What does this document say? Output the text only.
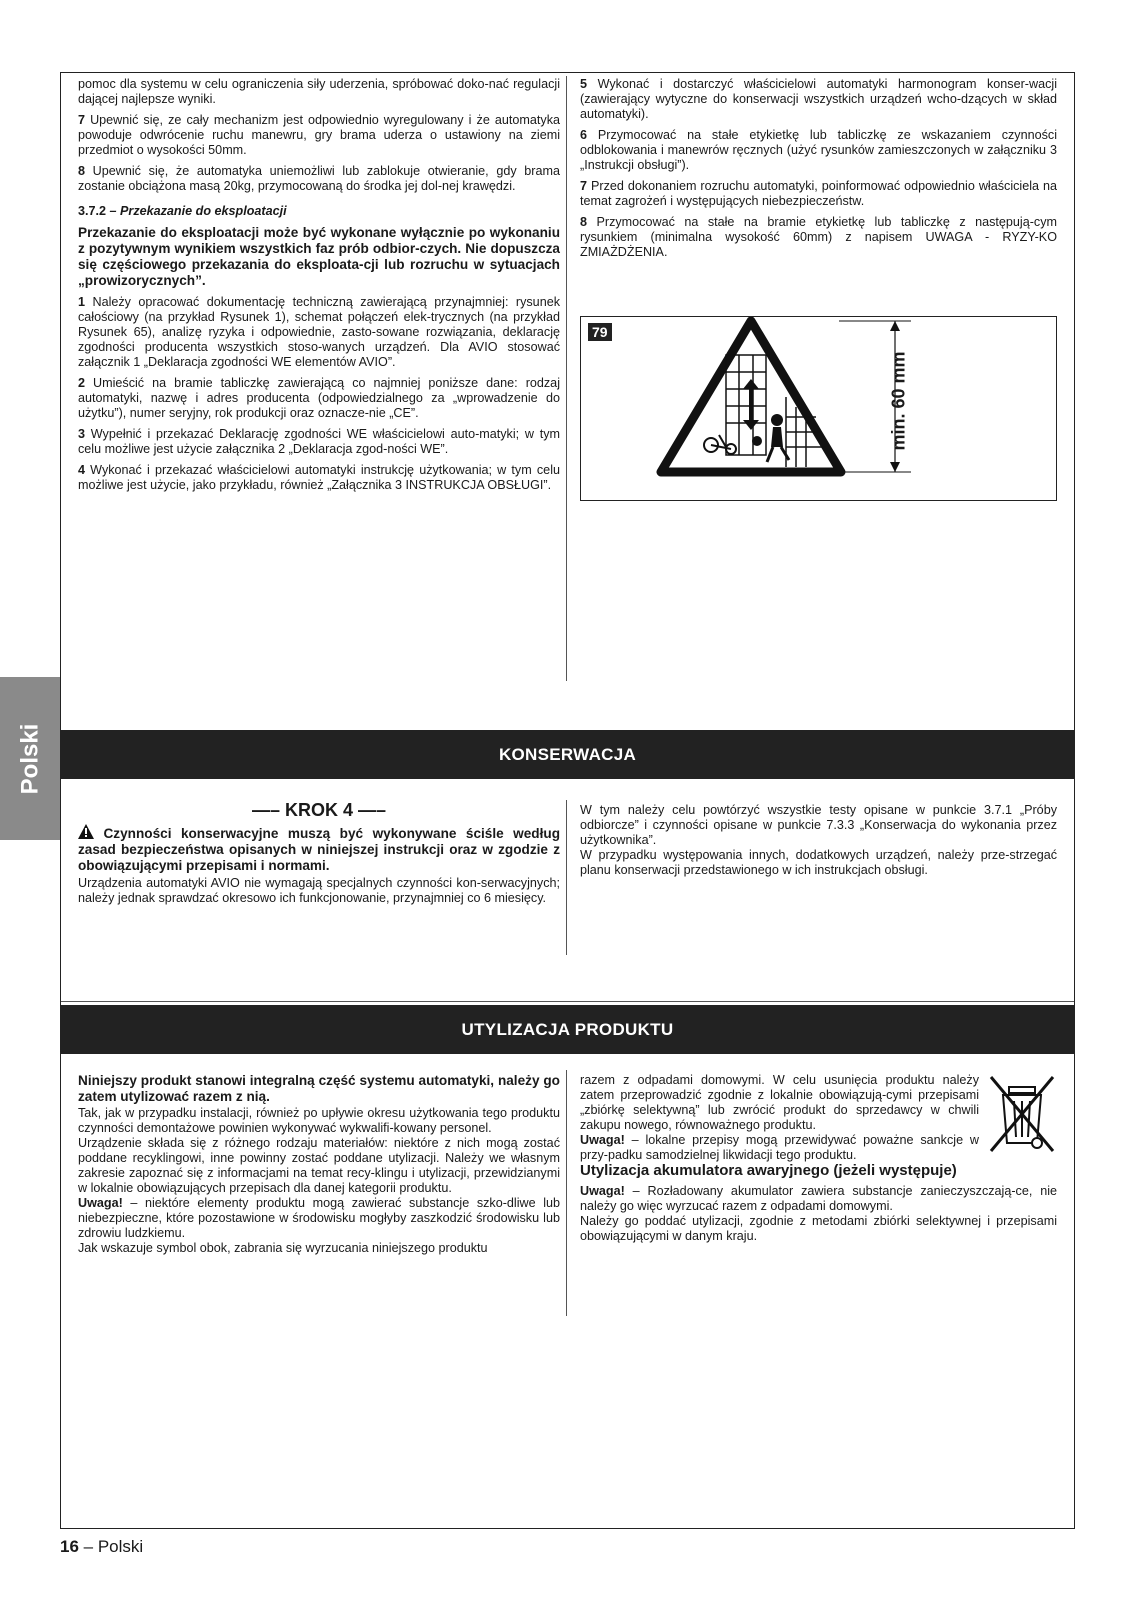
Polski

pomoc dla systemu w celu ograniczenia siły uderzenia, spróbować doko-nać regulacji dającej najlepsze wyniki.

7 Upewnić się, ze cały mechanizm jest odpowiednio wyregulowany i że automatyka powoduje odwrócenie ruchu manewru, gry brama uderza o ustawiony na ziemi przedmiot o wysokości 50mm.

8 Upewnić się, że automatyka uniemożliwi lub zablokuje otwieranie, gdy brama zostanie obciążona masą 20kg, przymocowaną do środka jej dol-nej krawędzi.

3.7.2 – Przekazanie do eksploatacji

Przekazanie do eksploatacji może być wykonane wyłącznie po wykonaniu z pozytywnym wynikiem wszystkich faz prób odbior-czych. Nie dopuszcza się częściowego przekazania do eksploata-cji lub rozruchu w sytuacjach „prowizorycznych”.

1 Należy opracować dokumentację techniczną zawierającą przynajmniej: rysunek całościowy (na przykład Rysunek 1), schemat połączeń elek-trycznych (na przykład Rysunek 65), analizę ryzyka i odpowiednie, zasto-sowane rozwiązania, deklarację zgodności producenta wszystkich stoso-wanych urządzeń. Dla AVIO stosować załącznik 1 „Deklaracja zgodności WE elementów AVIO”.

2 Umieścić na bramie tabliczkę zawierającą co najmniej poniższe dane: rodzaj automatyki, nazwę i adres producenta (odpowiedzialnego za „wprowadzenie do użytku”), numer seryjny, rok produkcji oraz oznacze-nie „CE”.

3 Wypełnić i przekazać Deklarację zgodności WE właścicielowi auto-matyki; w tym celu możliwe jest użycie załącznika 2 „Deklaracja zgod-ności WE”.

4 Wykonać i przekazać właścicielowi automatyki instrukcję użytkowania; w tym celu możliwe jest użycie, jako przykładu, również „Załącznika 3 INSTRUKCJA OBSŁUGI”.

5 Wykonać i dostarczyć właścicielowi automatyki harmonogram konser-wacji (zawierający wytyczne do konserwacji wszystkich urządzeń wcho-dzących w skład automatyki).

6 Przymocować na stałe etykietkę lub tabliczkę ze wskazaniem czynności odblokowania i manewrów ręcznych (użyć rysunków zamieszczonych w załączniku 3 „Instrukcji obsługi”).

7 Przed dokonaniem rozruchu automatyki, poinformować odpowiednio właściciela na temat zagrożeń i występujących niebezpieczeństw.

8 Przymocować na stałe na bramie etykietkę lub tabliczkę z następują-cym rysunkiem (minimalna wysokość 60mm) z napisem UWAGA - RYZY-KO ZMIAŻDŻENIA.

79
min. 60 mm
KONSERWACJA

—– KROK 4 —–

Czynności konserwacyjne muszą być wykonywane ściśle według zasad bezpieczeństwa opisanych w niniejszej instrukcji oraz w zgodzie z obowiązującymi przepisami i normami.

Urządzenia automatyki AVIO nie wymagają specjalnych czynności kon-serwacyjnych; należy jednak sprawdzać okresowo ich funkcjonowanie, przynajmniej co 6 miesięcy.

W tym należy celu powtórzyć wszystkie testy opisane w punkcie 3.7.1 „Próby odbiorcze” i czynności opisane w punkcie 7.3.3 „Konserwacja do wykonania przez użytkownika”.

W przypadku występowania innych, dodatkowych urządzeń, należy prze-strzegać planu konserwacji przedstawionego w ich instrukcjach obsługi.

UTYLIZACJA PRODUKTU

Niniejszy produkt stanowi integralną część systemu automatyki, należy go zatem utylizować razem z nią.

Tak, jak w przypadku instalacji, również po upływie okresu użytkowania tego produktu czynności demontażowe powinien wykonywać wykwalifi-kowany personel.

Urządzenie składa się z różnego rodzaju materiałów: niektóre z nich mogą zostać poddane recyklingowi, inne powinny zostać poddane utylizacji. Należy we własnym zakresie zapoznać się z informacjami na temat recy-klingu i utylizacji, przewidzianymi w lokalnie obowiązujących przepisach dla danej kategorii produktu.

Uwaga! – niektóre elementy produktu mogą zawierać substancje szko-dliwe lub niebezpieczne, które pozostawione w środowisku mogłyby zaszkodzić środowisku lub zdrowiu ludzkiemu.

Jak wskazuje symbol obok, zabrania się wyrzucania niniejszego produktu

razem z odpadami domowymi. W celu usunięcia produktu należy zatem przeprowadzić zgodnie z lokalnie obowiązują-cymi przepisami „zbiórkę selektywną” lub zwrócić produkt do sprzedawcy w chwili zakupu nowego, równoważnego produktu.

Uwaga! – lokalne przepisy mogą przewidywać poważne sankcje w przy-padku samodzielnej likwidacji tego produktu.

Utylizacja akumulatora awaryjnego (jeżeli występuje)

Uwaga! – Rozładowany akumulator zawiera substancje zanieczyszczają-ce, nie należy go więc wyrzucać razem z odpadami domowymi.

Należy go poddać utylizacji, zgodnie z metodami zbiórki selektywnej i przepisami obowiązującymi w danym kraju.

16 – Polski
